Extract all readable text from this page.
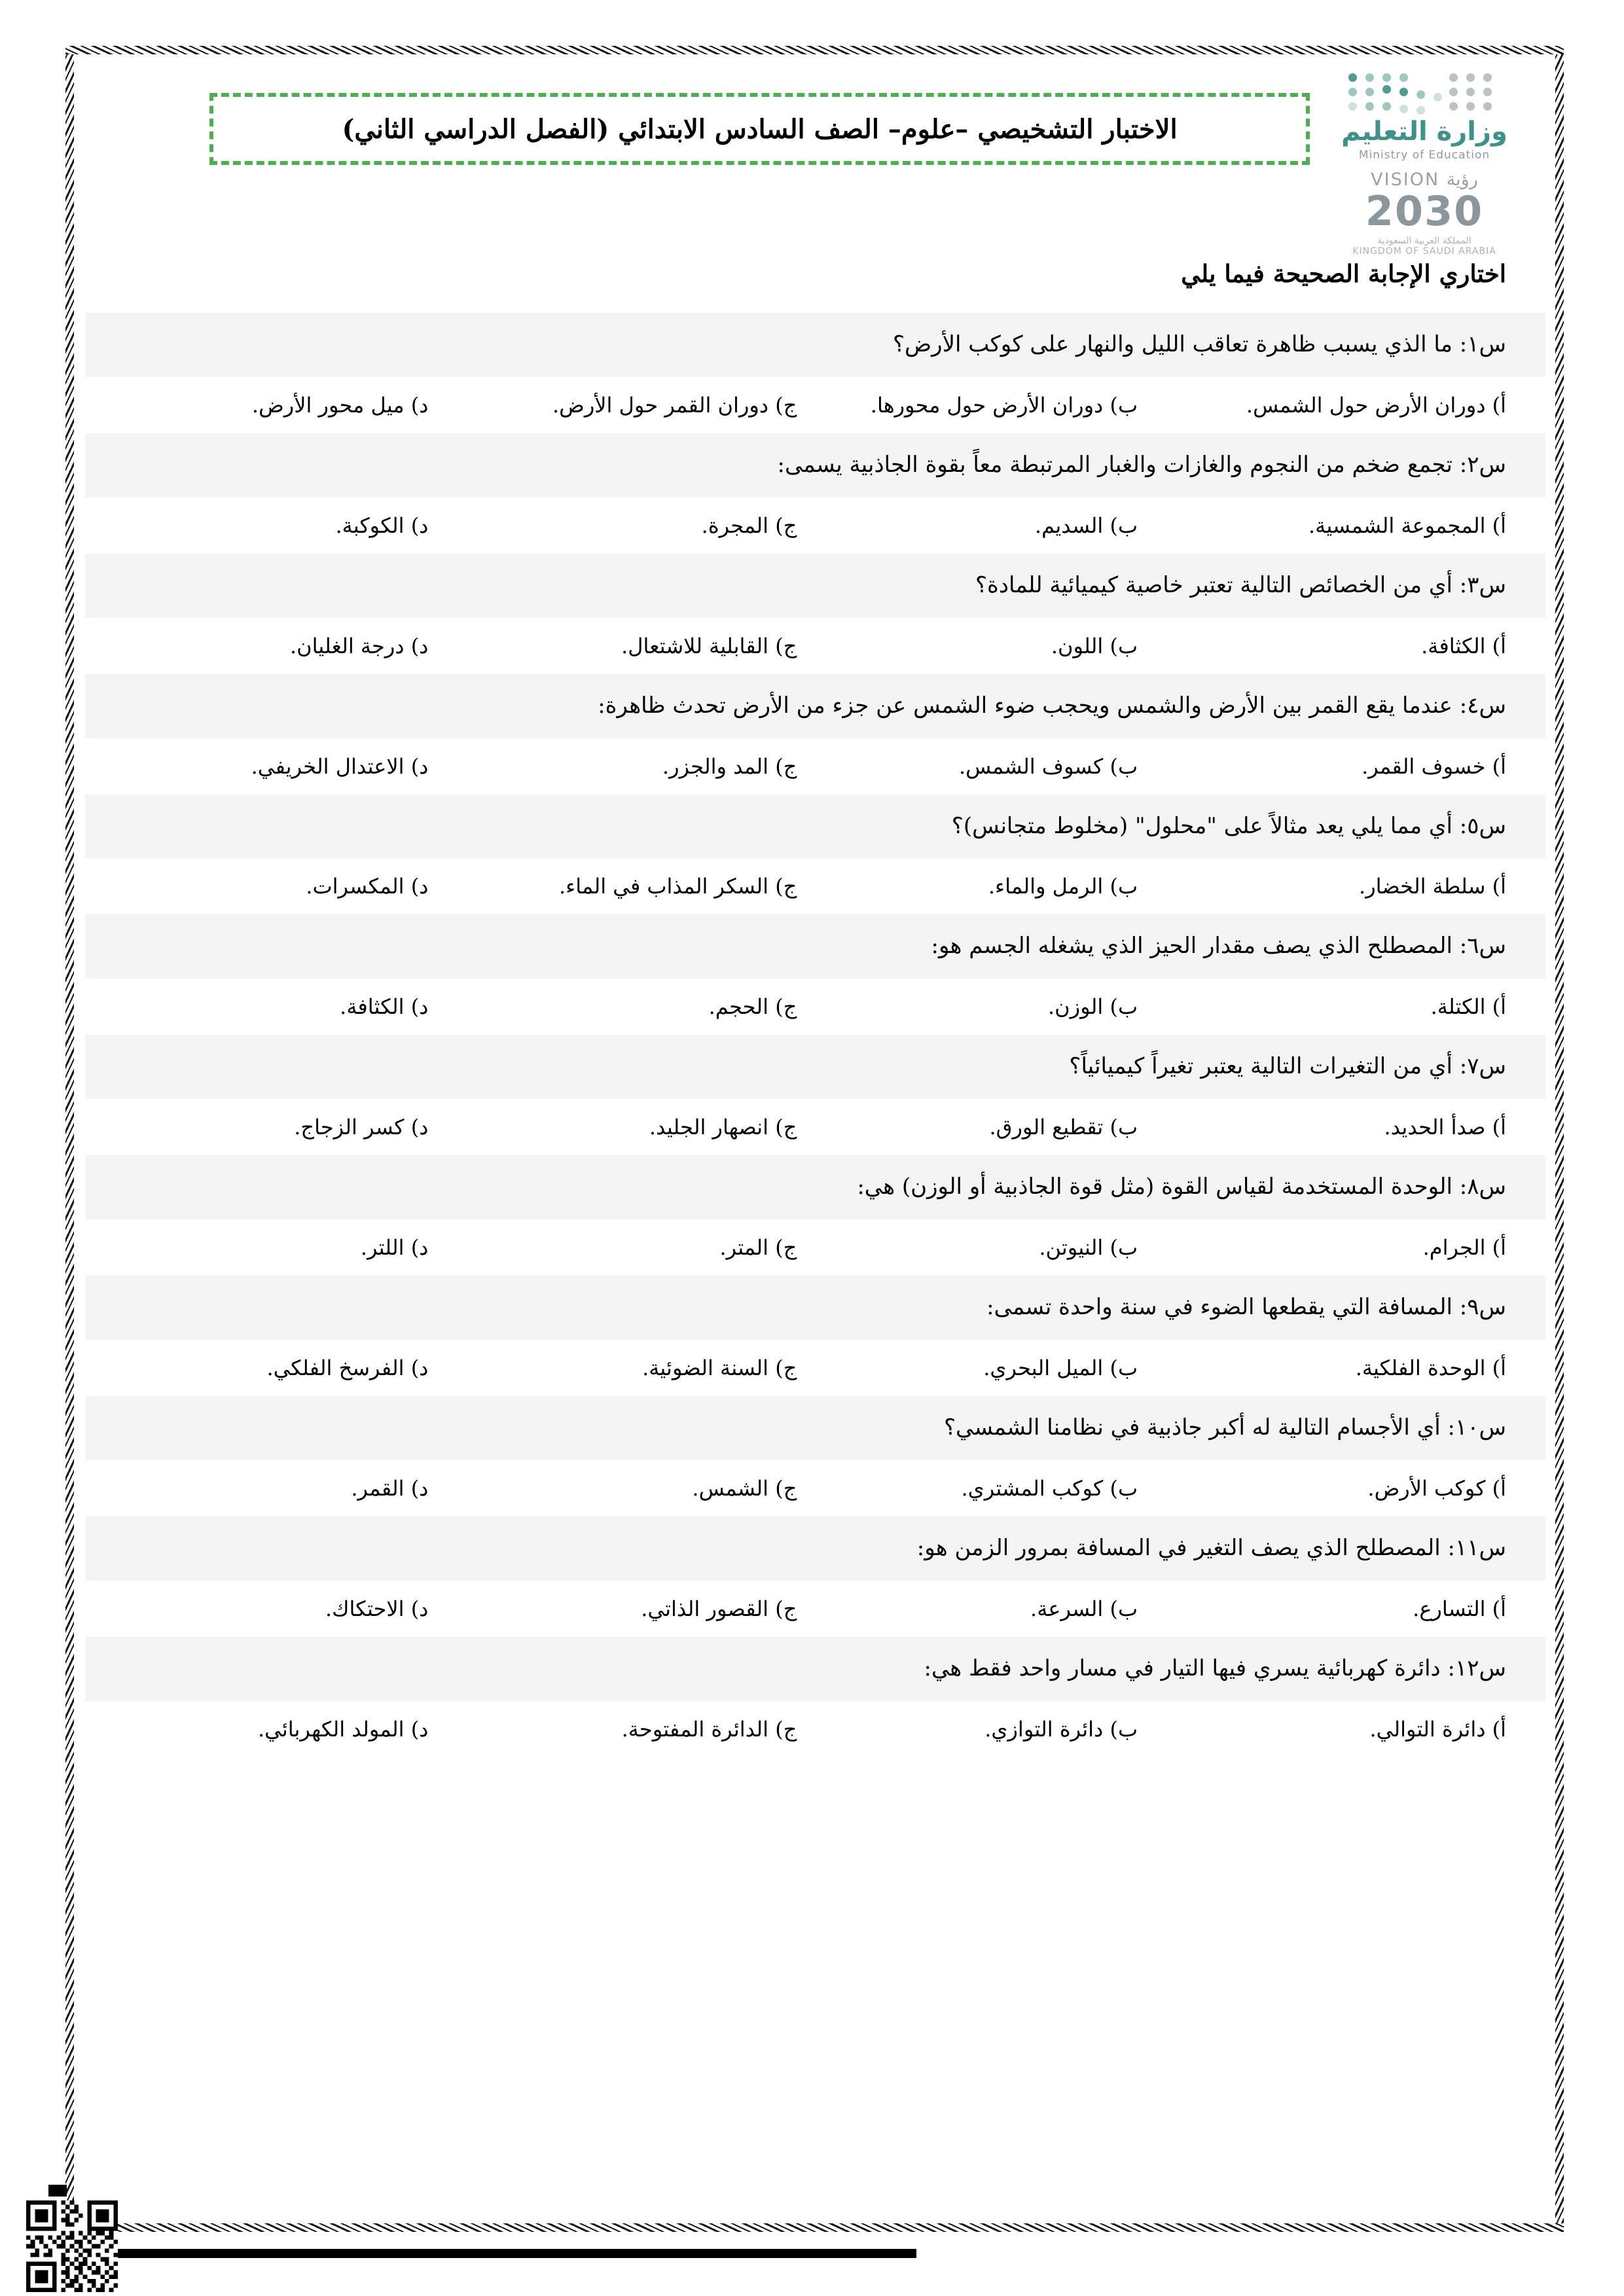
وزارة التعليم
Ministry of Education
VISION رؤية
2030
المملكة العربية السعودية
KINGDOM OF SAUDI ARABIA
الاختبار التشخيصي –علوم– الصف السادس الابتدائي (الفصل الدراسي الثاني)
اختاري الإجابة الصحيحة فيما يلي
س١: ما الذي يسبب ظاهرة تعاقب الليل والنهار على كوكب الأرض؟
أ) دوران الأرض حول الشمس.
ب) دوران الأرض حول محورها.
ج) دوران القمر حول الأرض.
د) ميل محور الأرض.
س٢: تجمع ضخم من النجوم والغازات والغبار المرتبطة معاً بقوة الجاذبية يسمى:
أ) المجموعة الشمسية.
ب) السديم.
ج) المجرة.
د) الكوكبة.
س٣: أي من الخصائص التالية تعتبر خاصية كيميائية للمادة؟
أ) الكثافة.
ب) اللون.
ج) القابلية للاشتعال.
د) درجة الغليان.
س٤: عندما يقع القمر بين الأرض والشمس ويحجب ضوء الشمس عن جزء من الأرض تحدث ظاهرة:
أ) خسوف القمر.
ب) كسوف الشمس.
ج) المد والجزر.
د) الاعتدال الخريفي.
س٥: أي مما يلي يعد مثالاً على "محلول" (مخلوط متجانس)؟
أ) سلطة الخضار.
ب) الرمل والماء.
ج) السكر المذاب في الماء.
د) المكسرات.
س٦: المصطلح الذي يصف مقدار الحيز الذي يشغله الجسم هو:
أ) الكتلة.
ب) الوزن.
ج) الحجم.
د) الكثافة.
س٧: أي من التغيرات التالية يعتبر تغيراً كيميائياً؟
أ) صدأ الحديد.
ب) تقطيع الورق.
ج) انصهار الجليد.
د) كسر الزجاج.
س٨: الوحدة المستخدمة لقياس القوة (مثل قوة الجاذبية أو الوزن) هي:
أ) الجرام.
ب) النيوتن.
ج) المتر.
د) اللتر.
س٩: المسافة التي يقطعها الضوء في سنة واحدة تسمى:
أ) الوحدة الفلكية.
ب) الميل البحري.
ج) السنة الضوئية.
د) الفرسخ الفلكي.
س١٠: أي الأجسام التالية له أكبر جاذبية في نظامنا الشمسي؟
أ) كوكب الأرض.
ب) كوكب المشتري.
ج) الشمس.
د) القمر.
س١١: المصطلح الذي يصف التغير في المسافة بمرور الزمن هو:
أ) التسارع.
ب) السرعة.
ج) القصور الذاتي.
د) الاحتكاك.
س١٢: دائرة كهربائية يسري فيها التيار في مسار واحد فقط هي:
أ) دائرة التوالي.
ب) دائرة التوازي.
ج) الدائرة المفتوحة.
د) المولد الكهربائي.
